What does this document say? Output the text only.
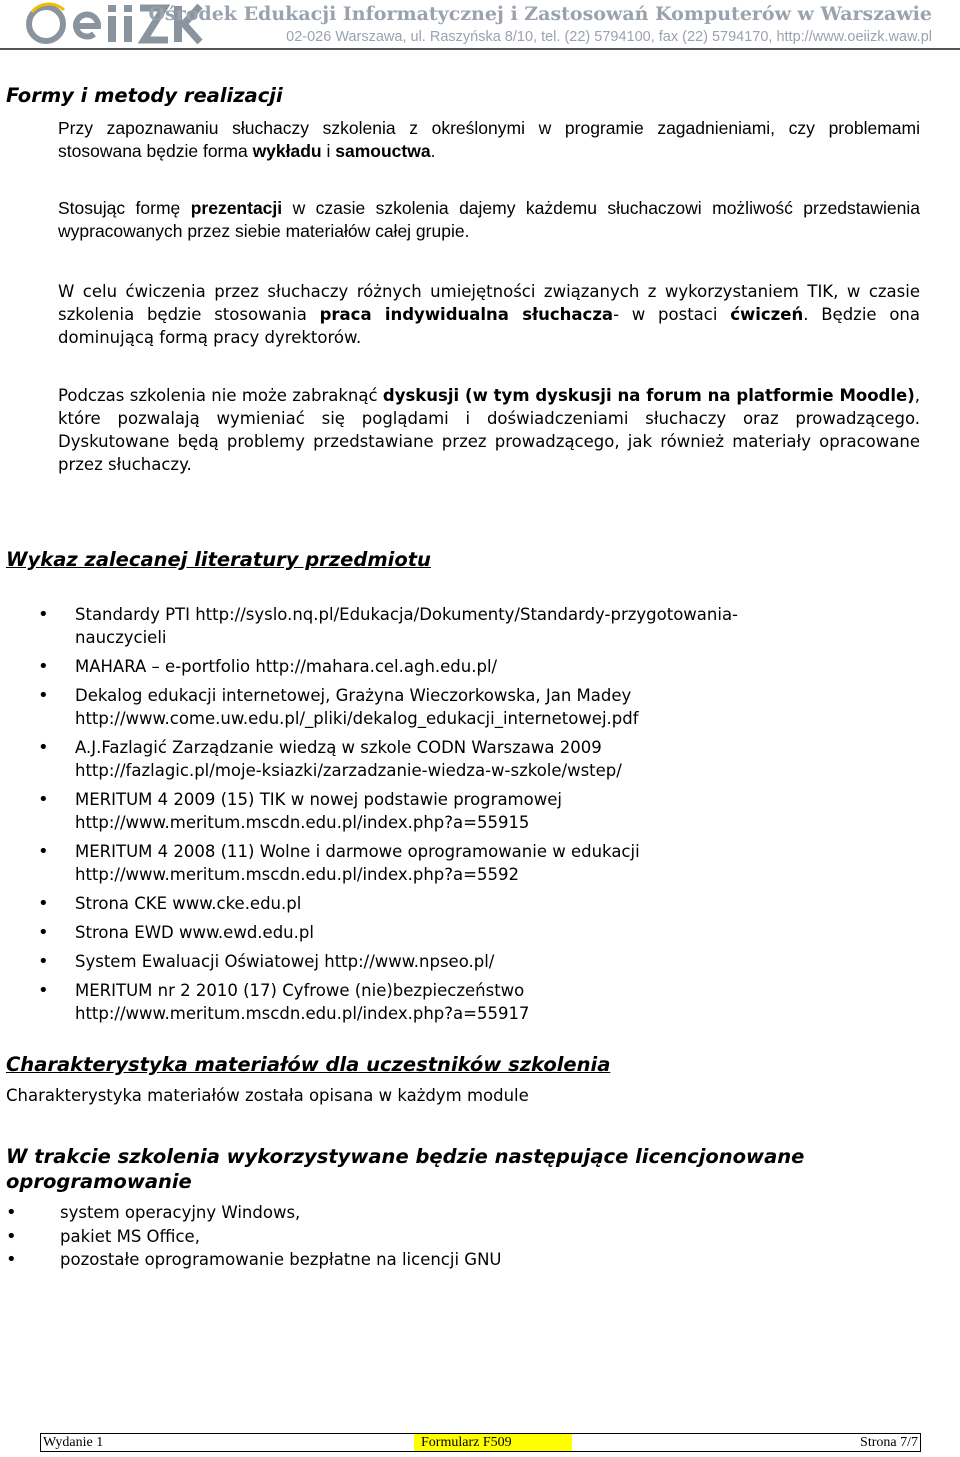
Ośrodek Edukacji Informatycznej i Zastosowań Komputerów w Warszawie
02-026 Warszawa, ul. Raszyńska 8/10, tel. (22) 5794100, fax (22) 5794170, http://www.oeiizk.waw.pl
Formy i metody realizacji

Przy zapoznawaniu słuchaczy szkolenia z określonymi w programie zagadnieniami, czy problemami stosowana będzie forma wykładu i samouctwa.

Stosując formę prezentacji w czasie szkolenia dajemy każdemu słuchaczowi możliwość przedstawienia wypracowanych przez siebie materiałów całej grupie.

W celu ćwiczenia przez słuchaczy różnych umiejętności związanych z wykorzystaniem TIK, w czasie szkolenia będzie stosowania praca indywidualna słuchacza- w postaci ćwiczeń. Będzie ona dominującą formą pracy dyrektorów.

Podczas szkolenia nie może zabraknąć dyskusji (w tym dyskusji na forum na platformie Moodle), które pozwalają wymieniać się poglądami i doświadczeniami słuchaczy oraz prowadzącego. Dyskutowane będą problemy przedstawiane przez prowadzącego, jak również materiały opracowane przez słuchaczy.

Wykaz zalecanej literatury przedmiotu
• Standardy PTI http://syslo.nq.pl/Edukacja/Dokumenty/Standardy-przygotowania-
nauczycieli
• MAHARA – e-portfolio http://mahara.cel.agh.edu.pl/
• Dekalog edukacji internetowej, Grażyna Wieczorkowska, Jan Madey
http://www.come.uw.edu.pl/_pliki/dekalog_edukacji_internetowej.pdf
• A.J.Fazlagić Zarządzanie wiedzą w szkole CODN Warszawa 2009
http://fazlagic.pl/moje-ksiazki/zarzadzanie-wiedza-w-szkole/wstep/
• MERITUM 4 2009 (15) TIK w nowej podstawie programowej
http://www.meritum.mscdn.edu.pl/index.php?a=55915
• MERITUM 4 2008 (11) Wolne i darmowe oprogramowanie w edukacji
http://www.meritum.mscdn.edu.pl/index.php?a=5592
• Strona CKE www.cke.edu.pl
• Strona EWD www.ewd.edu.pl
• System Ewaluacji Oświatowej http://www.npseo.pl/
• MERITUM nr 2 2010 (17) Cyfrowe (nie)bezpieczeństwo
http://www.meritum.mscdn.edu.pl/index.php?a=55917
Charakterystyka materiałów dla uczestników szkolenia
Charakterystyka materiałów została opisana w każdym module
W trakcie szkolenia wykorzystywane będzie następujące licencjonowane
oprogramowanie
• system operacyjny Windows,
• pakiet MS Office,
• pozostałe oprogramowanie bezpłatne na licencji GNU
Wydanie 1	Formularz F509	Strona 7/7
